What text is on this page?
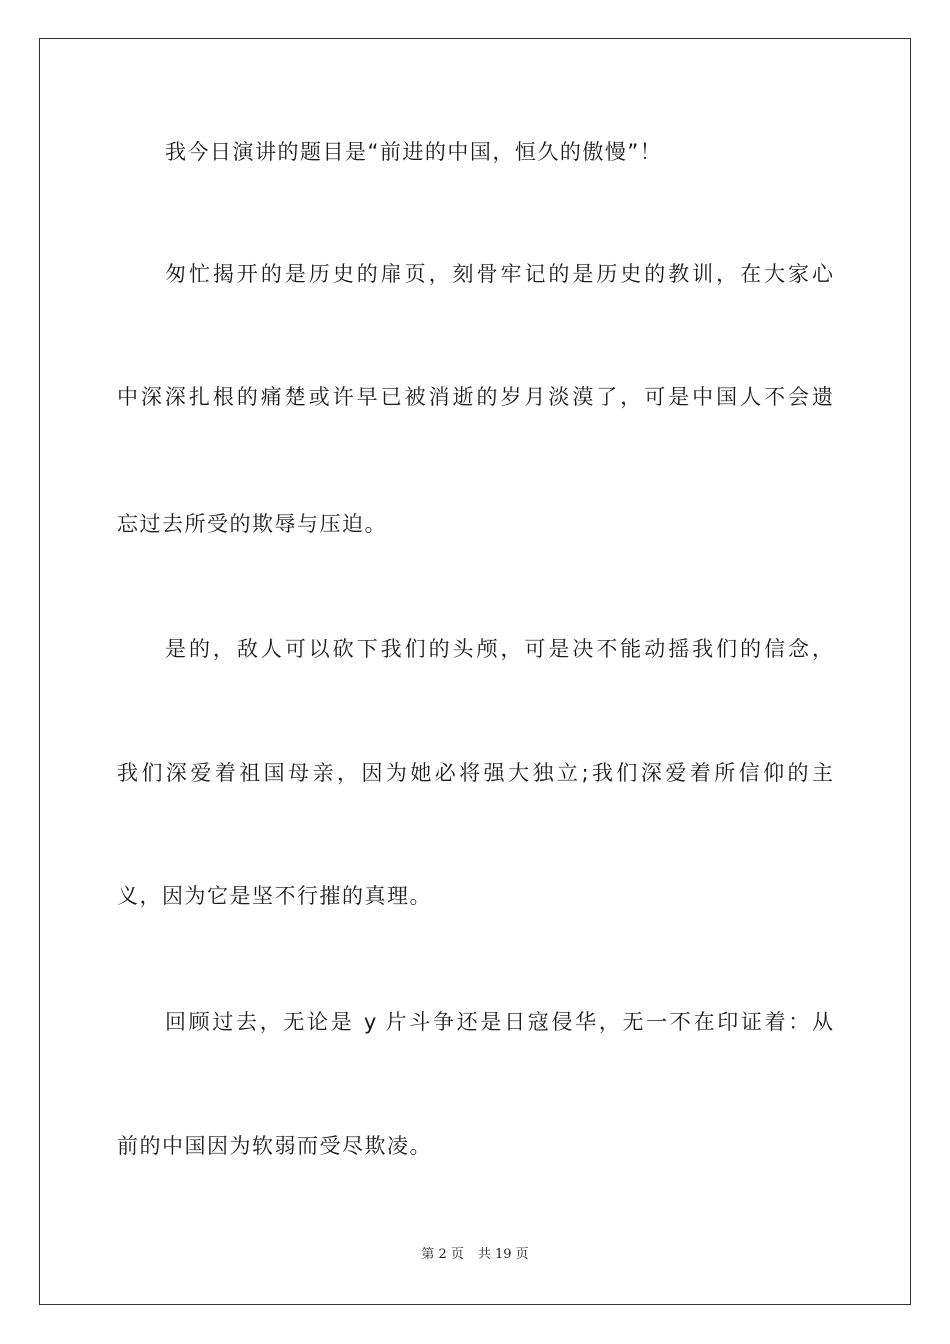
我今日演讲的题目是“前进的中国，恒久的傲慢”！
匆忙揭开的是历史的扉页，刻骨牢记的是历史的教训，在大家心
中深深扎根的痛楚或许早已被消逝的岁月淡漠了，可是中国人不会遗
忘过去所受的欺辱与压迫。
是的，敌人可以砍下我们的头颅，可是决不能动摇我们的信念，
我们深爱着祖国母亲，因为她必将强大独立;我们深爱着所信仰的主
义，因为它是坚不行摧的真理。
回顾过去，无论是 y 片斗争还是日寇侵华，无一不在印证着：从
前的中国因为软弱而受尽欺凌。
第 2 页 共 19 页
